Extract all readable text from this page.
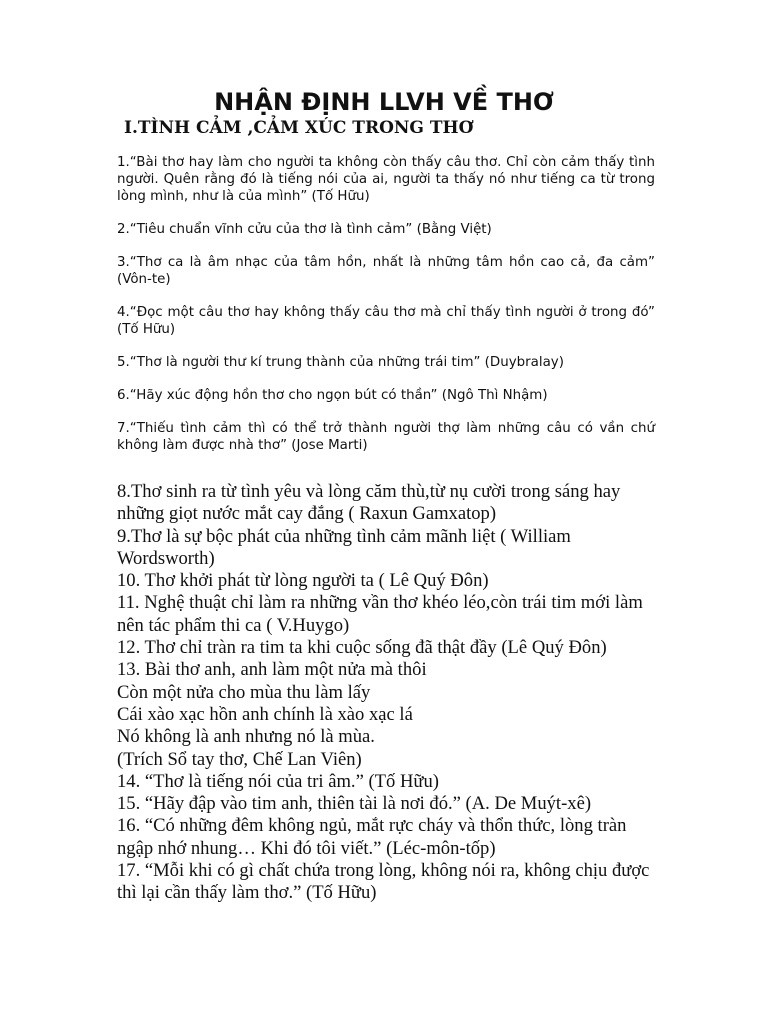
NHẬN ĐỊNH LLVH VỀ THƠ
I.TÌNH CẢM ,CẢM XÚC TRONG THƠ

1.“Bài thơ hay làm cho người ta không còn thấy câu thơ. Chỉ còn cảm thấy tình người. Quên rằng đó là tiếng nói của ai, người ta thấy nó như tiếng ca từ trong lòng mình, như là của mình” (Tố Hữu)

2.“Tiêu chuẩn vĩnh cửu của thơ là tình cảm” (Bằng Việt)

3.“Thơ ca là âm nhạc của tâm hồn, nhất là những tâm hồn cao cả, đa cảm” (Vôn-te)

4.“Đọc một câu thơ hay không thấy câu thơ mà chỉ thấy tình người ở trong đó” (Tố Hữu)

5.“Thơ là người thư kí trung thành của những trái tim” (Duybralay)

6.“Hãy xúc động hồn thơ cho ngọn bút có thần” (Ngô Thì Nhậm)

7.“Thiếu tình cảm thì có thể trở thành người thợ làm những câu có vần chứ không làm được nhà thơ” (Jose Marti)

8.Thơ sinh ra từ tình yêu và lòng căm thù,từ nụ cười trong sáng hay những giọt nước mắt cay đắng ( Raxun Gamxatop)

9.Thơ là sự bộc phát của những tình cảm mãnh liệt ( William Wordsworth)

10. Thơ khởi phát từ lòng người ta ( Lê Quý Đôn)

11. Nghệ thuật chỉ làm ra những vần thơ khéo léo,còn trái tim mới làm nên tác phẩm thi ca ( V.Huygo)

12. Thơ chỉ tràn ra tim ta khi cuộc sống đã thật đầy (Lê Quý Đôn)

13. Bài thơ anh, anh làm một nửa mà thôi

Còn một nửa cho mùa thu làm lấy

Cái xào xạc hồn anh chính là xào xạc lá

Nó không là anh nhưng nó là mùa.

(Trích Sổ tay thơ, Chế Lan Viên)

14. “Thơ là tiếng nói của tri âm.” (Tố Hữu)

15. “Hãy đập vào tim anh, thiên tài là nơi đó.” (A. De Muýt-xê)

16. “Có những đêm không ngủ, mắt rực cháy và thổn thức, lòng tràn ngập nhớ nhung… Khi đó tôi viết.” (Léc-môn-tốp)

17. “Mỗi khi có gì chất chứa trong lòng, không nói ra, không chịu được thì lại cần thấy làm thơ.” (Tố Hữu)
